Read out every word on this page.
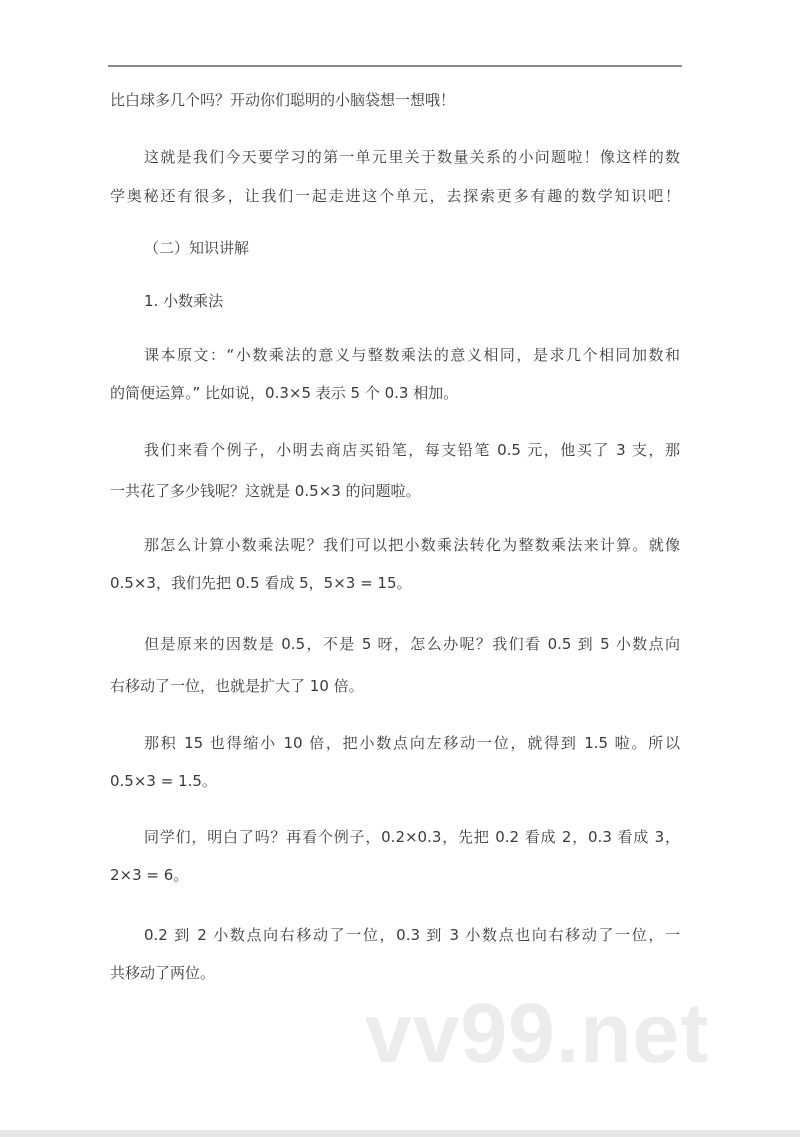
比白球多几个吗？开动你们聪明的小脑袋想一想哦！
这就是我们今天要学习的第一单元里关于数量关系的小问题啦！像这样的数
学奥秘还有很多，让我们一起走进这个单元，去探索更多有趣的数学知识吧！
（二）知识讲解
1. 小数乘法
课本原文：“小数乘法的意义与整数乘法的意义相同，是求几个相同加数和
的简便运算。” 比如说，0.3×5 表示 5 个 0.3 相加。
我们来看个例子，小明去商店买铅笔，每支铅笔 0.5 元，他买了 3 支，那
一共花了多少钱呢？这就是 0.5×3 的问题啦。
那怎么计算小数乘法呢？我们可以把小数乘法转化为整数乘法来计算。就像
0.5×3，我们先把 0.5 看成 5，5×3 = 15。
但是原来的因数是 0.5，不是 5 呀，怎么办呢？我们看 0.5 到 5 小数点向
右移动了一位，也就是扩大了 10 倍。
那积 15 也得缩小 10 倍，把小数点向左移动一位，就得到 1.5 啦。所以
0.5×3 = 1.5。
同学们，明白了吗？再看个例子，0.2×0.3，先把 0.2 看成 2，0.3 看成 3，
2×3 = 6。
0.2 到 2 小数点向右移动了一位，0.3 到 3 小数点也向右移动了一位，一
共移动了两位。
vv99.net
